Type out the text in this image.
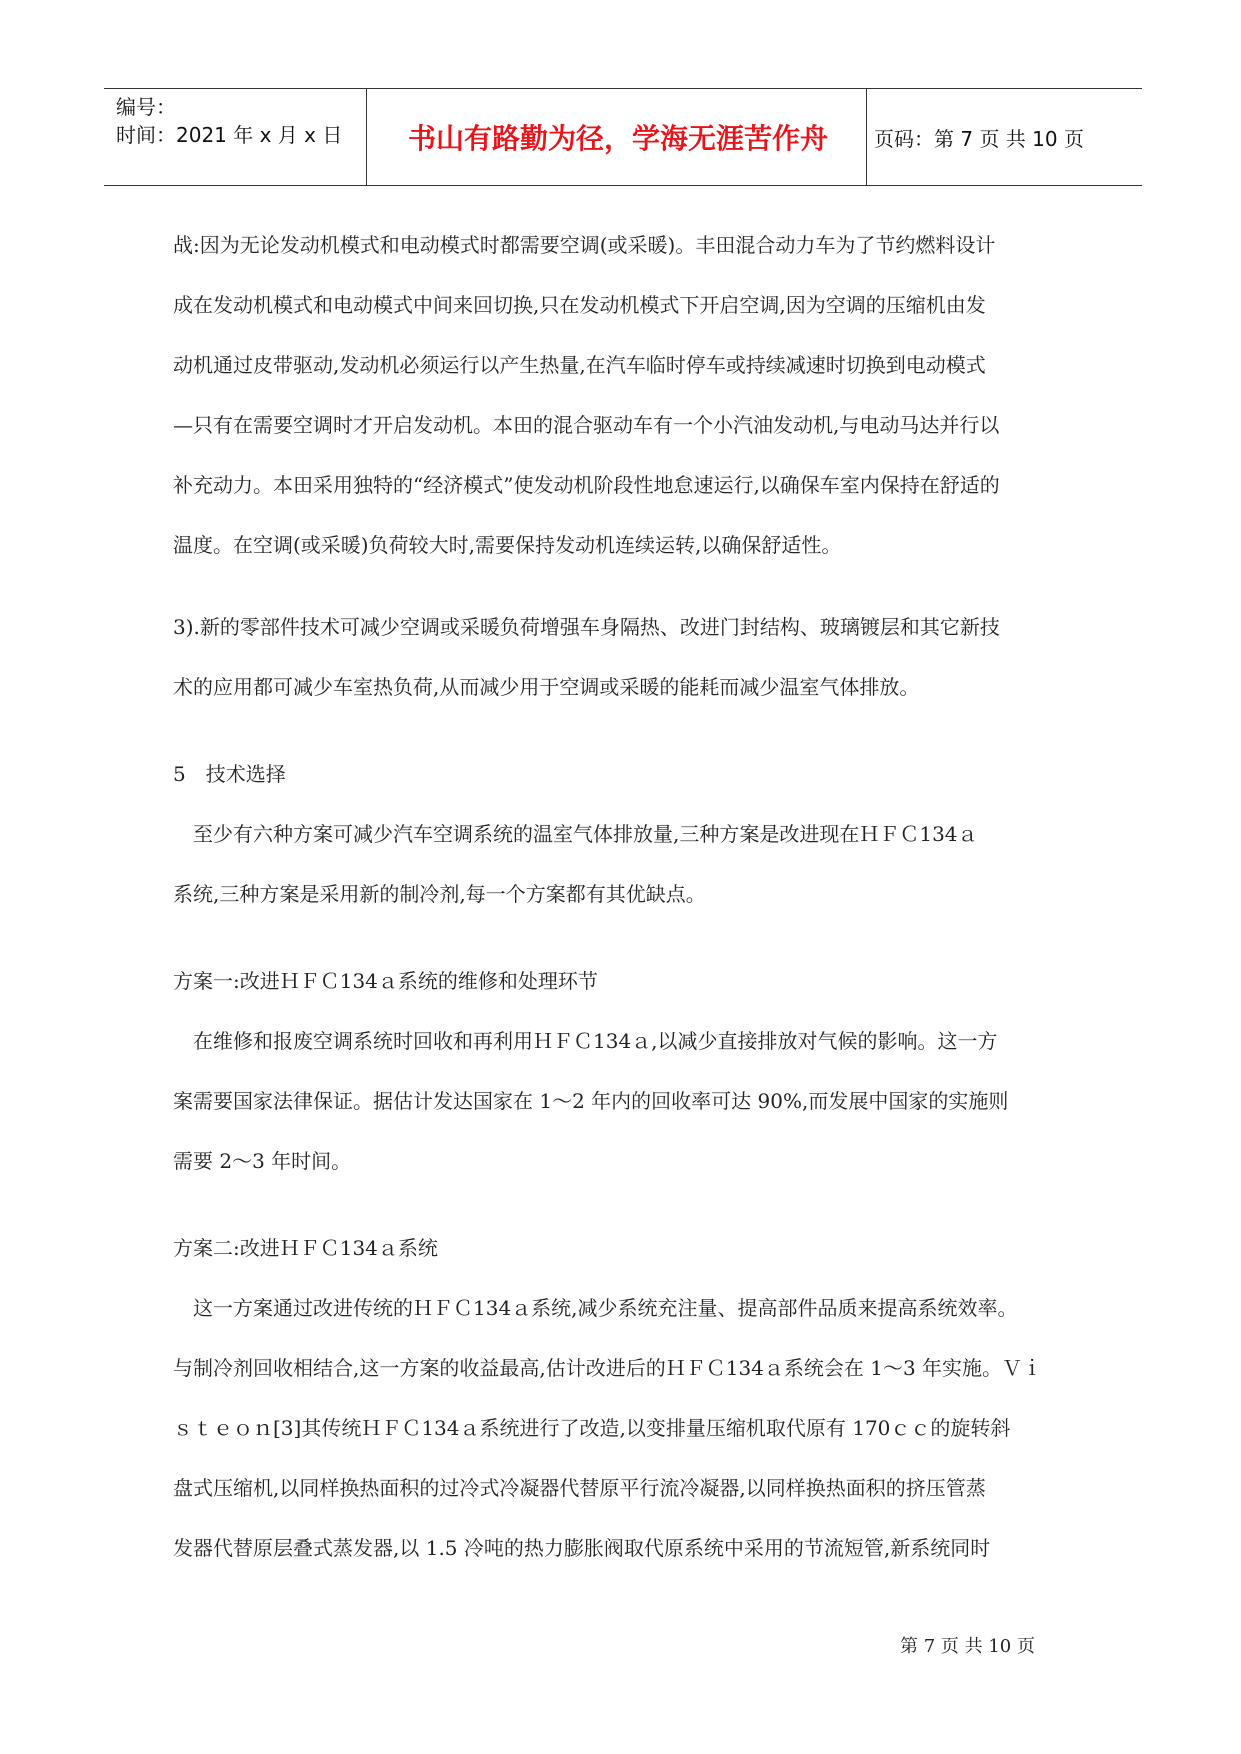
编号：
时间：2021 年 x 月 x 日	书山有路勤为径，学海无涯苦作舟	页码：第 7 页 共 10 页
战:因为无论发动机模式和电动模式时都需要空调(或采暖)。丰田混合动力车为了节约燃料设计
成在发动机模式和电动模式中间来回切换,只在发动机模式下开启空调,因为空调的压缩机由发
动机通过皮带驱动,发动机必须运行以产生热量,在汽车临时停车或持续减速时切换到电动模式
—只有在需要空调时才开启发动机。本田的混合驱动车有一个小汽油发动机,与电动马达并行以
补充动力。本田采用独特的“经济模式”使发动机阶段性地怠速运行,以确保车室内保持在舒适的
温度。在空调(或采暖)负荷较大时,需要保持发动机连续运转,以确保舒适性。
3).新的零部件技术可减少空调或采暖负荷增强车身隔热、改进门封结构、玻璃镀层和其它新技
术的应用都可减少车室热负荷,从而减少用于空调或采暖的能耗而减少温室气体排放。
5　技术选择
　至少有六种方案可减少汽车空调系统的温室气体排放量,三种方案是改进现在ＨＦＣ134ａ
系统,三种方案是采用新的制冷剂,每一个方案都有其优缺点。
方案一:改进ＨＦＣ134ａ系统的维修和处理环节
　在维修和报废空调系统时回收和再利用ＨＦＣ134ａ,以减少直接排放对气候的影响。这一方
案需要国家法律保证。据估计发达国家在 1～2 年内的回收率可达 90%,而发展中国家的实施则
需要 2～3 年时间。
方案二:改进ＨＦＣ134ａ系统
　这一方案通过改进传统的ＨＦＣ134ａ系统,减少系统充注量、提高部件品质来提高系统效率。
与制冷剂回收相结合,这一方案的收益最高,估计改进后的ＨＦＣ134ａ系统会在 1～3 年实施。Ｖｉ
ｓｔｅｏｎ[3]其传统ＨＦＣ134ａ系统进行了改造,以变排量压缩机取代原有 170ｃｃ的旋转斜
盘式压缩机,以同样换热面积的过冷式冷凝器代替原平行流冷凝器,以同样换热面积的挤压管蒸
发器代替原层叠式蒸发器,以 1.5 冷吨的热力膨胀阀取代原系统中采用的节流短管,新系统同时
第 7 页 共 10 页
